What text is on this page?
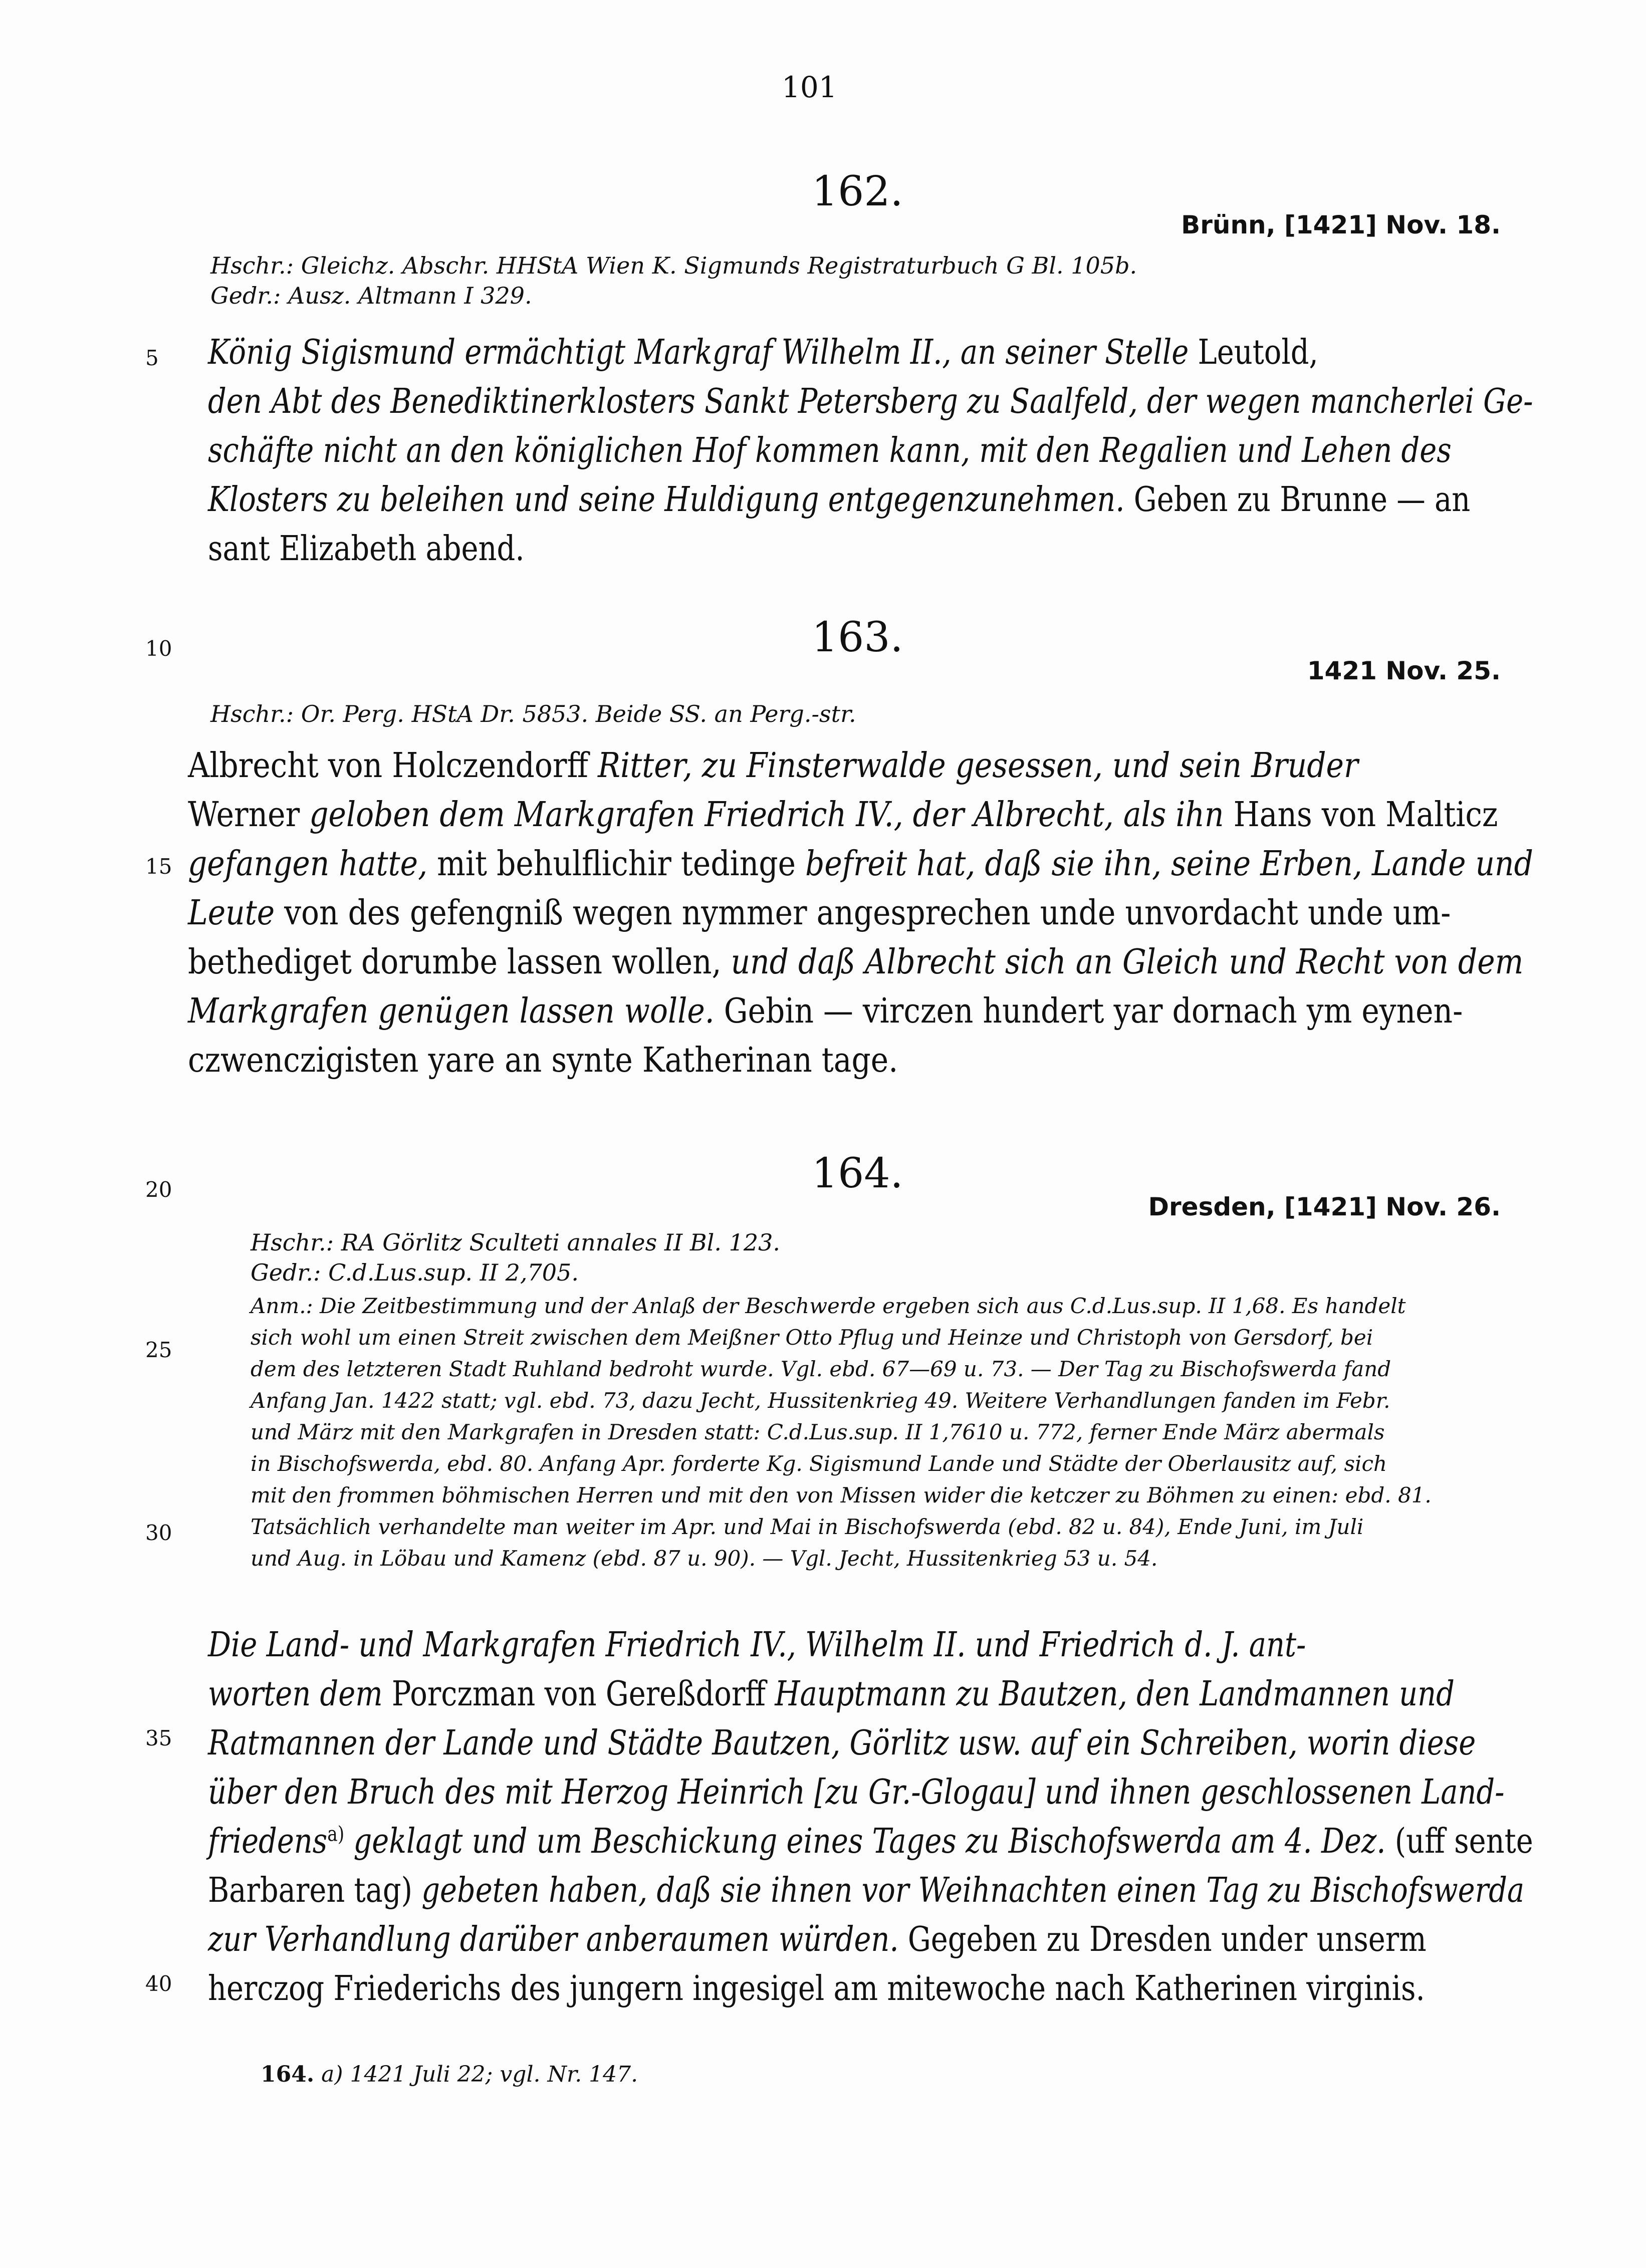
101
162.
Brünn, [1421] Nov. 18.
Hschr.: Gleichz. Abschr. HHStA Wien K. Sigmunds Registraturbuch G Bl. 105b.
Gedr.: Ausz. Altmann I 329.
König Sigismund ermächtigt Markgraf Wilhelm II., an seiner Stelle Leutold,
den Abt des Benediktinerklosters Sankt Petersberg zu Saalfeld, der wegen mancherlei Ge-
schäfte nicht an den königlichen Hof kommen kann, mit den Regalien und Lehen des
Klosters zu beleihen und seine Huldigung entgegenzunehmen. Geben zu Brunne — an
sant Elizabeth abend.
163.
1421 Nov. 25.
Hschr.: Or. Perg. HStA Dr. 5853. Beide SS. an Perg.-str.
Albrecht von Holczendorff Ritter, zu Finsterwalde gesessen, und sein Bruder
Werner geloben dem Markgrafen Friedrich IV., der Albrecht, als ihn Hans von Malticz
gefangen hatte, mit behulflichir tedinge befreit hat, daß sie ihn, seine Erben, Lande und
Leute von des gefengniß wegen nymmer angesprechen unde unvordacht unde um-
bethediget dorumbe lassen wollen, und daß Albrecht sich an Gleich und Recht von dem
Markgrafen genügen lassen wolle. Gebin — virczen hundert yar dornach ym eynen-
czwenczigisten yare an synte Katherinan tage.
164.
Dresden, [1421] Nov. 26.
Hschr.: RA Görlitz Sculteti annales II Bl. 123.
Gedr.: C.d.Lus.sup. II 2,705.
Anm.: Die Zeitbestimmung und der Anlaß der Beschwerde ergeben sich aus C.d.Lus.sup. II 1,68. Es handelt
sich wohl um einen Streit zwischen dem Meißner Otto Pflug und Heinze und Christoph von Gersdorf, bei
dem des letzteren Stadt Ruhland bedroht wurde. Vgl. ebd. 67—69 u. 73. — Der Tag zu Bischofswerda fand
Anfang Jan. 1422 statt; vgl. ebd. 73, dazu Jecht, Hussitenkrieg 49. Weitere Verhandlungen fanden im Febr.
und März mit den Markgrafen in Dresden statt: C.d.Lus.sup. II 1,7610 u. 772, ferner Ende März abermals
in Bischofswerda, ebd. 80. Anfang Apr. forderte Kg. Sigismund Lande und Städte der Oberlausitz auf, sich
mit den frommen böhmischen Herren und mit den von Missen wider die ketczer zu Böhmen zu einen: ebd. 81.
Tatsächlich verhandelte man weiter im Apr. und Mai in Bischofswerda (ebd. 82 u. 84), Ende Juni, im Juli
und Aug. in Löbau und Kamenz (ebd. 87 u. 90). — Vgl. Jecht, Hussitenkrieg 53 u. 54.
Die Land- und Markgrafen Friedrich IV., Wilhelm II. und Friedrich d. J. ant-
worten dem Porczman von Gereßdorff Hauptmann zu Bautzen, den Landmannen und
Ratmannen der Lande und Städte Bautzen, Görlitz usw. auf ein Schreiben, worin diese
über den Bruch des mit Herzog Heinrich [zu Gr.-Glogau] und ihnen geschlossenen Land-
friedens$^{a)}$ geklagt und um Beschickung eines Tages zu Bischofswerda am 4. Dez. (uff sente
Barbaren tag) gebeten haben, daß sie ihnen vor Weihnachten einen Tag zu Bischofswerda
zur Verhandlung darüber anberaumen würden. Gegeben zu Dresden under unserm
herczog Friederichs des jungern ingesigel am mitewoche nach Katherinen virginis.
5
10
15
20
25
30
35
40
164. a) 1421 Juli 22; vgl. Nr. 147.
